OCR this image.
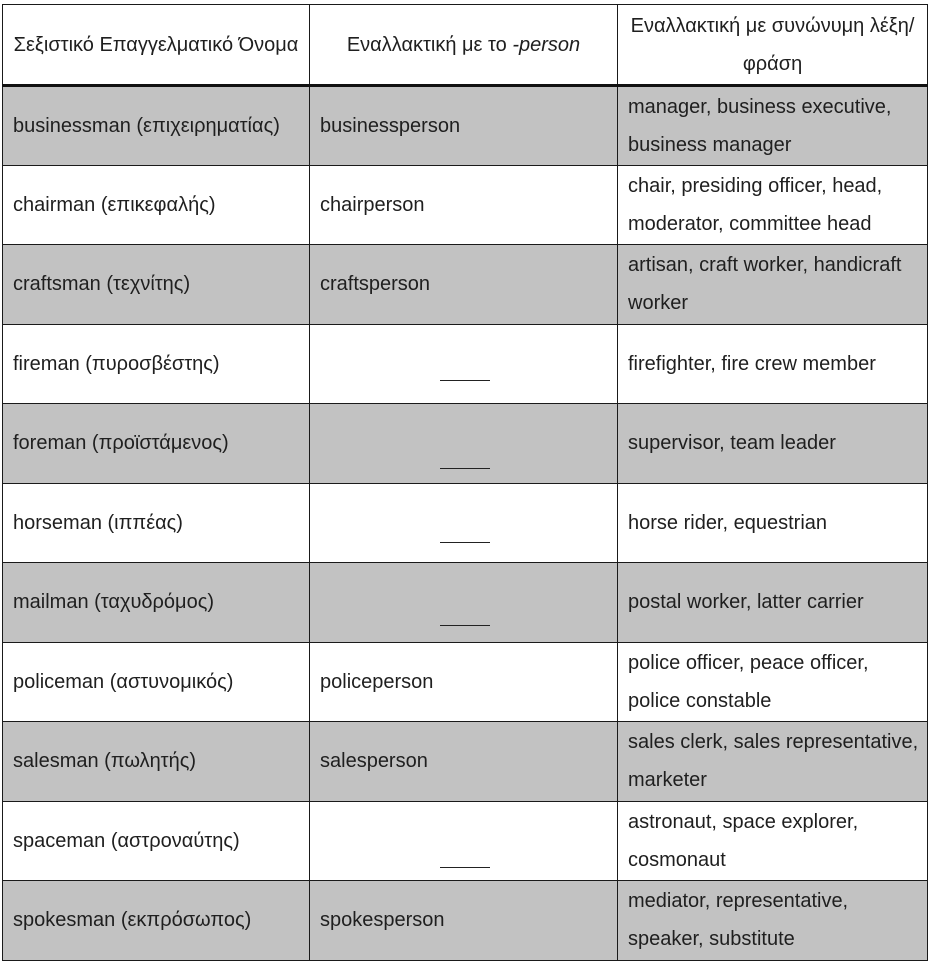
Σεξιστικό Επαγγελματικό Όνομα	Εναλλακτική με το -person	Εναλλακτική με συνώνυμη λέξη/φράση
businessman (επιχειρηματίας)	businessperson	manager, business executive, business manager
chairman (επικεφαλής)	chairperson	chair, presiding officer, head, moderator, committee head
craftsman (τεχνίτης)	craftsperson	artisan, craft worker, handicraft worker
fireman (πυροσβέστης)		firefighter, fire crew member
foreman (προϊστάμενος)		supervisor, team leader
horseman (ιππέας)		horse rider, equestrian
mailman (ταχυδρόμος)		postal worker, latter carrier
policeman (αστυνομικός)	policeperson	police officer, peace officer, police constable
salesman (πωλητής)	salesperson	sales clerk, sales representative, marketer
spaceman (αστροναύτης)		astronaut, space explorer, cosmonaut
spokesman (εκπρόσωπος)	spokesperson	mediator, representative, speaker, substitute
